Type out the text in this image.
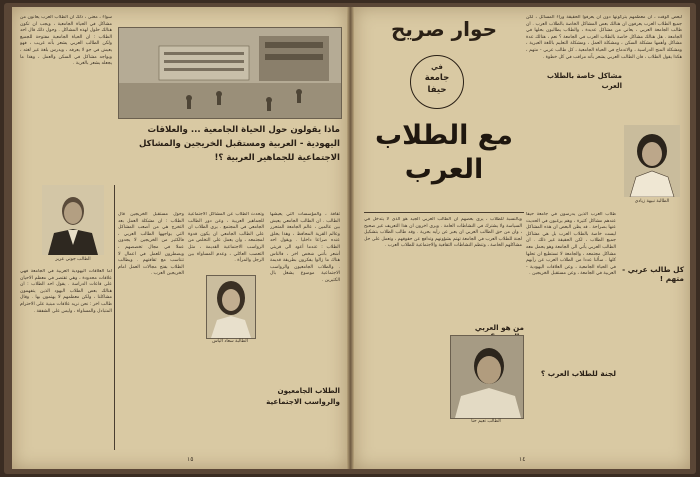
سواء ، معنى ، ذلك ان الطلاب العرب يعانون من مشاكل في الحياة الجامعية ، ويجب ان تكون هنالك حلول لهذه المشاكل . وحول ذلك قال احد الطلاب : ان الحياة الجامعية مفتوحة للجميع ولكن الطالب العربي يشعر بأنه غريب ، فهو يعيش في جو لا يعرفه ، ويدرس بلغة غير لغته ، ويواجه مشاكل في السكن والعمل ، وهذا ما يجعله يشعر بالغربة .

ماذا يقولون حول الحياة الجامعية ... والعلاقات
اليهودية - العربية ومستقبل الخريجين والمشاكل
الاجتماعية للجماهير العربية ؟!
الطالب جوني عزيز

أما العلاقات اليهودية العربية في الجامعة فهي علاقات محدودة ، وهي تقتصر في معظم الاحيان على قاعات الدراسة . يقول احد الطلاب : ان هنالك بعض الطلاب اليهود الذين يتفهمون مشاكلنا ، ولكن معظمهم لا يهتمون بها . وقال طالب اخر : نحن نريد علاقات مبنية على الاحترام المتبادل والمساواة ، وليس على الشفقة .

وحول مستقبل الخريجين قال الطلاب : ان مشكلة العمل بعد التخرج هي من أصعب المشاكل التي يواجهها الطالب العربي ، فالكثير من الخريجين لا يجدون عملا في مجال تخصصهم ، ويضطرون للعمل في اعمال لا تتناسب مع ثقافتهم . ويطالب الطلاب بفتح مجالات العمل امام الخريجين العرب .

الطالبة سعاد الياس

وتحدث الطلاب عن المشاكل الاجتماعية للجماهير العربية ، وعن دور الطالب الجامعي في المجتمع . يرى الطلاب ان على الطالب الجامعي ان يكون قدوة لمجتمعه ، وان يعمل على التخلص من الرواسب الاجتماعية القديمة ، مثل التعصب العائلي ، وعدم المساواة بين الرجل والمرأة .

ثقافة ، والمؤسسات التي يعيشها الطالب . ان الطالب الجامعي يعيش بين عالمين ، عالم الجامعة المتحرر وعالم القرية المحافظ ، وهذا يخلق عنده صراعا داخليا . ويقول احد الطلاب : عندما أعود الى قريتي أشعر بأنني شخص اخر ، فالناس هناك ما زالوا يفكرون بطريقة قديمة . والطلاب الجامعيون والرواسب الاجتماعية موضوع يشغل بال الكثيرين .

الطلاب الجامعيون والرواسب الاجتماعية
١٥
حوار صريح
في
جامعة
حيفا
مع الطلاب
العرب

لبعض الوقت ، ان معظمهم يتركونها دون ان يعرفوا الحقيقة وراء المسائل ، لكن جميع الطلاب العرب يعرفون ان هنالك بعض المشاكل الخاصة بالطلاب العرب . ان طالب الجامعة العربي ، يعاني من مشاكل عديدة ، والطلاب يطالبون بحلها في الجامعة . هل هنالك مشاكل خاصة بالطلاب العرب في الجامعة ؟ نعم ، هنالك عدة مشاكل وأهمها مشكلة السكن ، ومشكلة العمل ، ومشكلة التعليم باللغة العبرية ، ومشكلة المنح الدراسية ، والاندماج في الحياة الجامعية ، كل طالب عربي - متهم ، هكذا يقول الطلاب ، فان الطالب العربي يشعر بأنه مراقب في كل خطوة .

مشاكل خاصة بالطلاب العرب
الطالبة نبيهة زيادي
كل طالب عربي - متهم !

طلاب العرب الذين يدرسون في جامعة حيفا عندهم مشاكل كثيرة ، وهم يرغبون في الحديث عنها بصراحة . قد يظن البعض ان هذه المشاكل ليست خاصة بالطلاب العرب بل هي مشاكل جميع الطلاب ، لكن الحقيقة غير ذلك . ان الطالب العربي يأتي الى الجامعة وهو يحمل معه مشاكل مجتمعه ، والجامعة لا تستطيع ان تحلها كلها . سألنا عددا من الطلاب العرب عن رأيهم في الحياة الجامعية ، وعن العلاقات اليهودية - العربية في الجامعة ، وعن مستقبل الخريجين .

وبالنسبة للطلاب ، يرى بعضهم ان الطالب العربي الجيد هو الذي لا يتدخل في السياسة ولا يشترك في النشاطات العامة . ويرى اخرون ان هذا التعريف غير صحيح ، وان من حق الطالب العربي ان يعبر عن رأيه بحرية . وقد طالب الطلاب بتشكيل لجنة للطلاب العرب في الجامعة تهتم بشؤونهم وتدافع عن حقوقهم ، وتعمل على حل مشاكلهم الخاصة ، وتنظم النشاطات الثقافية والاجتماعية للطلاب العرب .

من هو العربي
الطالب نعيم حنا
لجنة للطلاب العرب ؟
١٤
